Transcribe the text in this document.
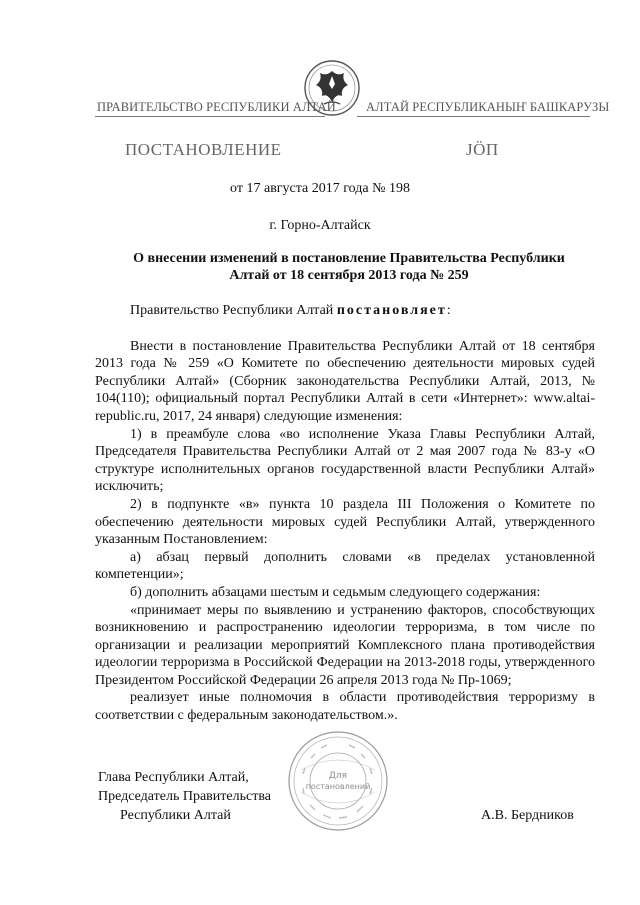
ПРАВИТЕЛЬСТВО РЕСПУБЛИКИ АЛТАЙ АЛТАЙ РЕСПУБЛИКАНЫҤ БАШКАРУЗЫ
ПОСТАНОВЛЕНИЕ	JӦП
от 17 августа 2017 года № 198
г. Горно-Алтайск
О внесении изменений в постановление Правительства Республики
Алтай от 18 сентября 2013 года № 259
Правительство Республики Алтай постановляет:
Внести в постановление Правительства Республики Алтай от 18 сентября 2013 года № 259 «О Комитете по обеспечению деятельности мировых судей Республики Алтай» (Сборник законодательства Республики Алтай, 2013, № 104(110); официальный портал Республики Алтай в сети «Интернет»: www.altai-republic.ru, 2017, 24 января) следующие изменения:
1) в преамбуле слова «во исполнение Указа Главы Республики Алтай, Председателя Правительства Республики Алтай от 2 мая 2007 года № 83-у «О структуре исполнительных органов государственной власти Республики Алтай» исключить;
2) в подпункте «в» пункта 10 раздела III Положения о Комитете по обеспечению деятельности мировых судей Республики Алтай, утвержденного указанным Постановлением:
а) абзац первый дополнить словами «в пределах установленной компетенции»;
б) дополнить абзацами шестым и седьмым следующего содержания:
«принимает меры по выявлению и устранению факторов, способствующих возникновению и распространению идеологии терроризма, в том числе по организации и реализации мероприятий Комплексного плана противодействия идеологии терроризма в Российской Федерации на 2013-2018 годы, утвержденного Президентом Российской Федерации 26 апреля 2013 года № Пр-1069;
реализует иные полномочия в области противодействия терроризму в соответствии с федеральным законодательством.».
Для
постановлений
Глава Республики Алтай,
Председатель Правительства
Республики Алтай	А.В. Бердников
